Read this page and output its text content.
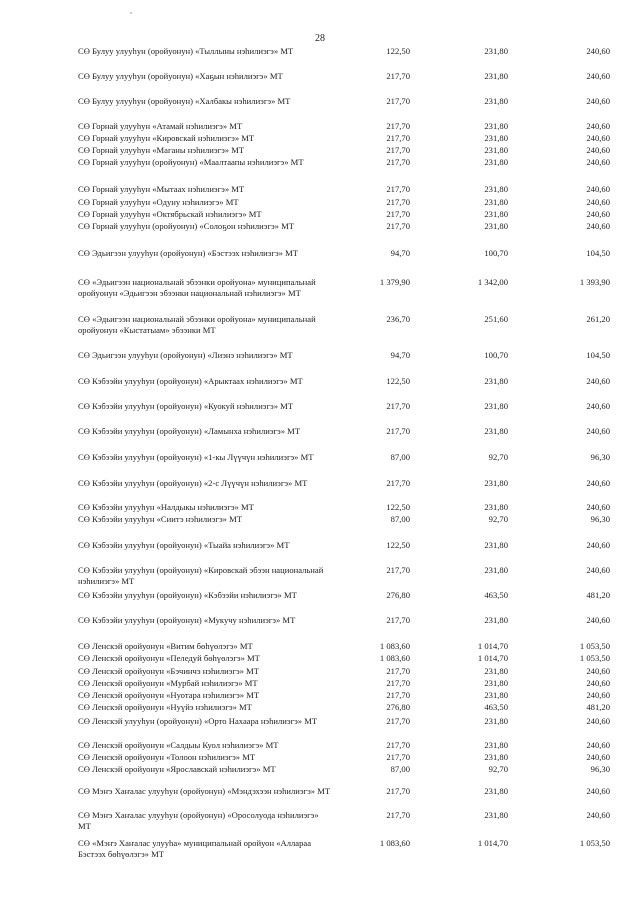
28
СӨ Булуу улууһун (оройуонун) «Тыллыны нэһилиэгэ» МТ	122,50	231,80	240,60
СӨ Булуу улууһун (оройуонун) «Хаҕын нэһилиэгэ» МТ	217,70	231,80	240,60
СӨ Булуу улууһун (оройуонун) «Халбакы нэһилиэгэ» МТ	217,70	231,80	240,60
СӨ Горнай улууһун «Атамай нэһилиэгэ» МТ	217,70	231,80	240,60
СӨ Горнай улууһун «Кировскай нэһилиэгэ» МТ	217,70	231,80	240,60
СӨ Горнай улууһун «Маганы нэһилиэгэ» МТ	217,70	231,80	240,60
СӨ Горнай улууһун (оройуонун) «Маалтаапы нэһилиэгэ» МТ	217,70	231,80	240,60
СӨ Горнай улууһун «Мытаах нэһилиэгэ» МТ	217,70	231,80	240,60
СӨ Горнай улууһун «Одуну нэһилиэгэ» МТ	217,70	231,80	240,60
СӨ Горнай улууһун «Октябрьскай нэһилиэгэ» МТ	217,70	231,80	240,60
СӨ Горнай улууһун (оройуонун) «Солоҕон нэһилиэгэ» МТ	217,70	231,80	240,60
СӨ Эдьигээн улууһун (оройуонун) «Бэстээх нэһилиэгэ» МТ	94,70	100,70	104,50
СӨ «Эдьигээн национальнай эбээнки оройуона» муниципальнай оройуонун «Эдьигээн эбээнки национальнай нэһилиэгэ» МТ
1 379,90	1 342,00	1 393,90
СӨ «Эдьигээн национальнай эбээнки оройуона» муниципальнай оройуонун «Кыстатыам» эбээнки МТ
236,70	251,60	261,20
СӨ Эдьигээн улууһун (оройуонун) «Лиэнэ нэһилиэгэ» МТ	94,70	100,70	104,50
СӨ Кэбээйи улууһун (оройуонун) «Арыктаах нэһилиэгэ» МТ	122,50	231,80	240,60
СӨ Кэбээйи улууһун (оройуонун) «Куокуй нэһилиэгэ» МТ	217,70	231,80	240,60
СӨ Кэбээйи улууһун (оройуонун) «Ламынха нэһилиэгэ» МТ	217,70	231,80	240,60
СӨ Кэбээйи улууһун (оройуонун) «1-кы Лүүчүн нэһилиэгэ» МТ	87,00	92,70	96,30
СӨ Кэбээйи улууһун (оройуонун) «2-с Лүүчүн нэһилиэгэ» МТ	217,70	231,80	240,60
СӨ Кэбээйи улууһун «Налдыкы нэһилиэгэ» МТ	122,50	231,80	240,60
СӨ Кэбээйи улууһун «Сиитэ нэһилиэгэ» МТ	87,00	92,70	96,30
СӨ Кэбээйи улууһун (оройуонун) «Тыайа нэһилиэгэ» МТ	122,50	231,80	240,60
СӨ Кэбээйи улууһун (оройуонун) «Кировскай эбээн национальнай нэһилиэгэ» МТ
217,70	231,80	240,60
СӨ Кэбээйи улууһун (оройуонун) «Кэбээйи нэһилиэгэ» МТ	276,80	463,50	481,20
СӨ Кэбээйи улууһун (оройуонун) «Мукучу нэһилиэгэ» МТ	217,70	231,80	240,60
СӨ Ленскэй оройуонун «Витим бөһүөлэгэ» МТ	1 083,60	1 014,70	1 053,50
СӨ Ленскэй оройуонун «Пеледуй бөһүөлэгэ» МТ	1 083,60	1 014,70	1 053,50
СӨ Ленскэй оройуонун «Бэчинчэ нэһилиэгэ» МТ	217,70	231,80	240,60
СӨ Ленскэй оройуонун «Мурбай нэһилиэгэ» МТ	217,70	231,80	240,60
СӨ Ленскэй оройуонун «Нуотара нэһилиэгэ» МТ	217,70	231,80	240,60
СӨ Ленскэй оройуонун «Нуүйэ нэһилиэгэ» МТ	276,80	463,50	481,20
СӨ Ленскэй улууһун (оройуонун) «Орто Нахаара нэһилиэгэ» МТ	217,70	231,80	240,60
СӨ Ленскэй оройуонун «Салдыы Куол нэһилиэгэ» МТ	217,70	231,80	240,60
СӨ Ленскэй оройуонун «Толоон нэһилиэгэ» МТ	217,70	231,80	240,60
СӨ Ленскэй оройуонун «Ярославскай нэһилиэгэ» МТ	87,00	92,70	96,30
СӨ Мэҥэ Хаҥалас улууһун (оройуонун) «Мэндэхээн нэһилиэгэ» МТ	217,70	231,80	240,60
СӨ Мэҥэ Хаҥалас улууһун (оройуонун) «Оросолуода нэһилиэгэ» МТ
217,70	231,80	240,60
СӨ «Мэҥэ Хаҥалас улууһа» муниципальнай оройуон «Аллараа Бэстээх бөһүөлэгэ» МТ
1 083,60	1 014,70	1 053,50
